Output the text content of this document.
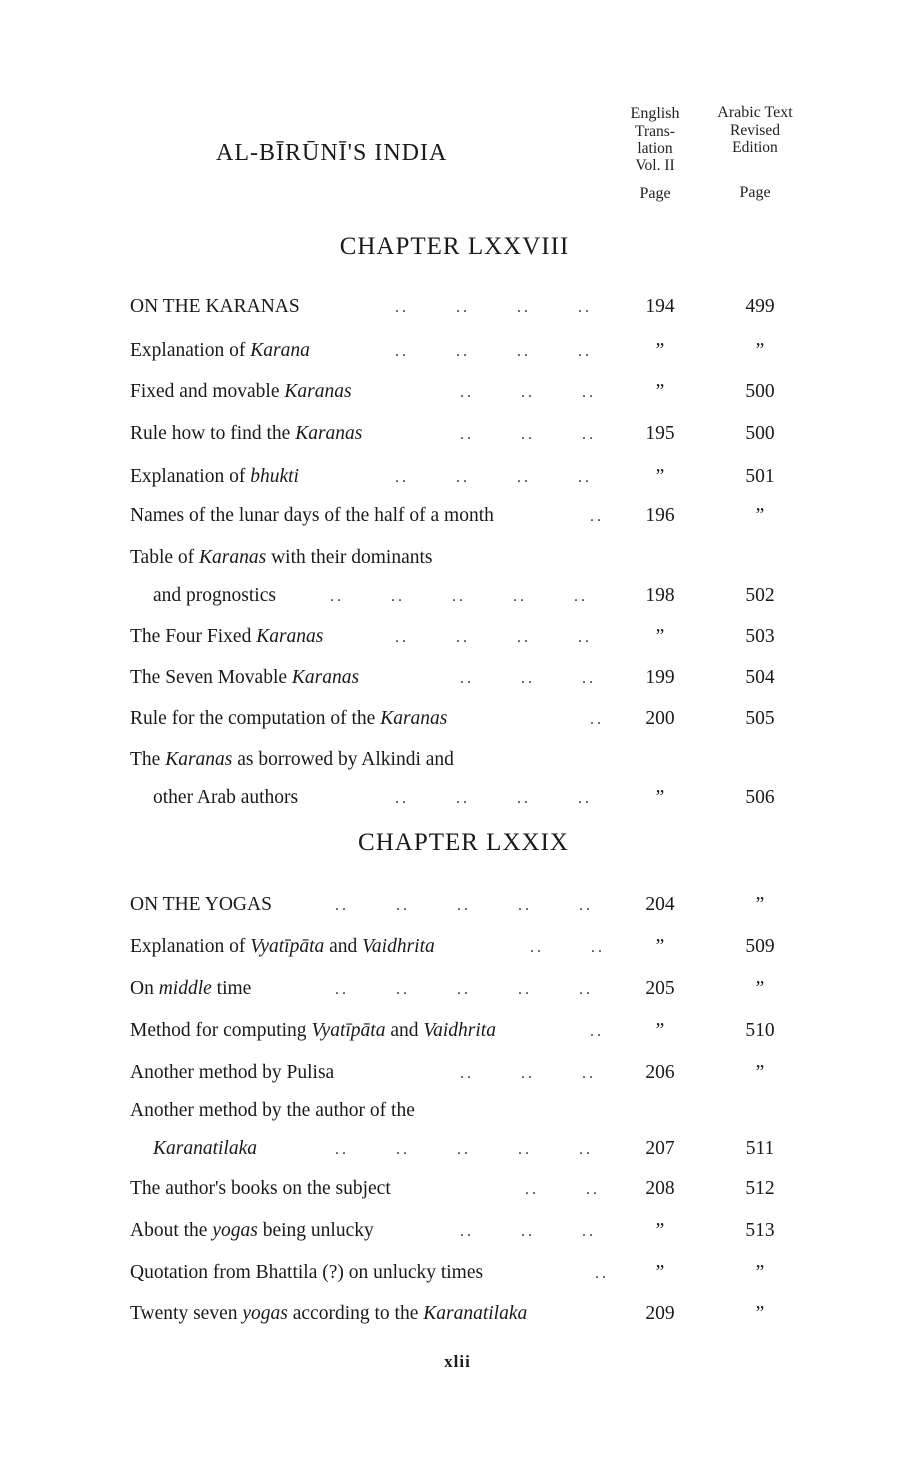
English
Trans-
lation
Vol. II
Page
Arabic Text
Revised
Edition
Page
AL-BĪRŪNĪ'S INDIA
CHAPTER LXXVIII
CHAPTER LXXIX
ON THE KARANAS	.. .. .. ..	194	499
Explanation of Karana	.. .. .. ..	”	”
Fixed and movable Karanas	.. .. ..	”	500
Rule how to find the Karanas	.. .. ..	195	500
Explanation of bhukti	.. .. .. ..	”	501
Names of the lunar days of the half of a month	..	196	”
Table of Karanas with their dominants
and prognostics	.. .. .. .. ..	198	502
The Four Fixed Karanas	.. .. .. ..	”	503
The Seven Movable Karanas	.. .. ..	199	504
Rule for the computation of the Karanas	..	200	505
The Karanas as borrowed by Alkindi and
other Arab authors	.. .. .. ..	”	506
ON THE YOGAS	.. .. .. .. ..	204	”
Explanation of Vyatīpāta and Vaidhrita	.. ..	”	509
On middle time	.. .. .. .. ..	205	”
Method for computing Vyatīpāta and Vaidhrita	..	”	510
Another method by Pulisa	.. .. ..	206	”
Another method by the author of the
Karanatilaka	.. .. .. .. ..	207	511
The author's books on the subject	.. ..	208	512
About the yogas being unlucky	.. .. ..	”	513
Quotation from Bhattila (?) on unlucky times	..	”	”
Twenty seven yogas according to the Karanatilaka	209	”
xlii
